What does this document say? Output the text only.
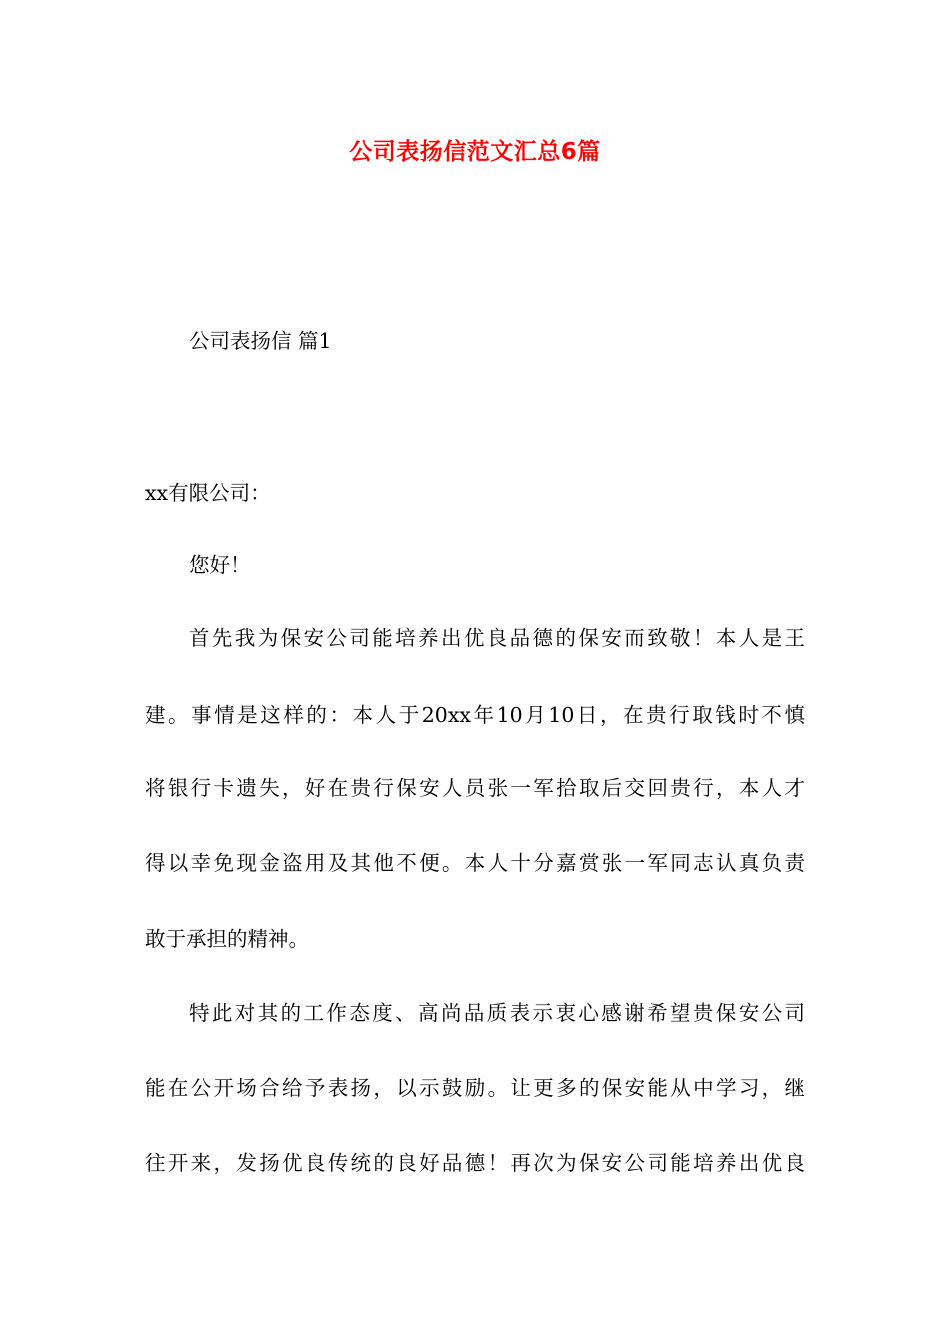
公司表扬信范文汇总6篇
公司表扬信 篇1
xx有限公司：
您好！
首先我为保安公司能培养出优良品德的保安而致敬！本人是王
建。事情是这样的：本人于20xx年10月10日，在贵行取钱时不慎
将银行卡遗失，好在贵行保安人员张一军拾取后交回贵行，本人才
得以幸免现金盗用及其他不便。本人十分嘉赏张一军同志认真负责
敢于承担的精神。
特此对其的工作态度、高尚品质表示衷心感谢希望贵保安公司
能在公开场合给予表扬，以示鼓励。让更多的保安能从中学习，继
往开来，发扬优良传统的良好品德！再次为保安公司能培养出优良
